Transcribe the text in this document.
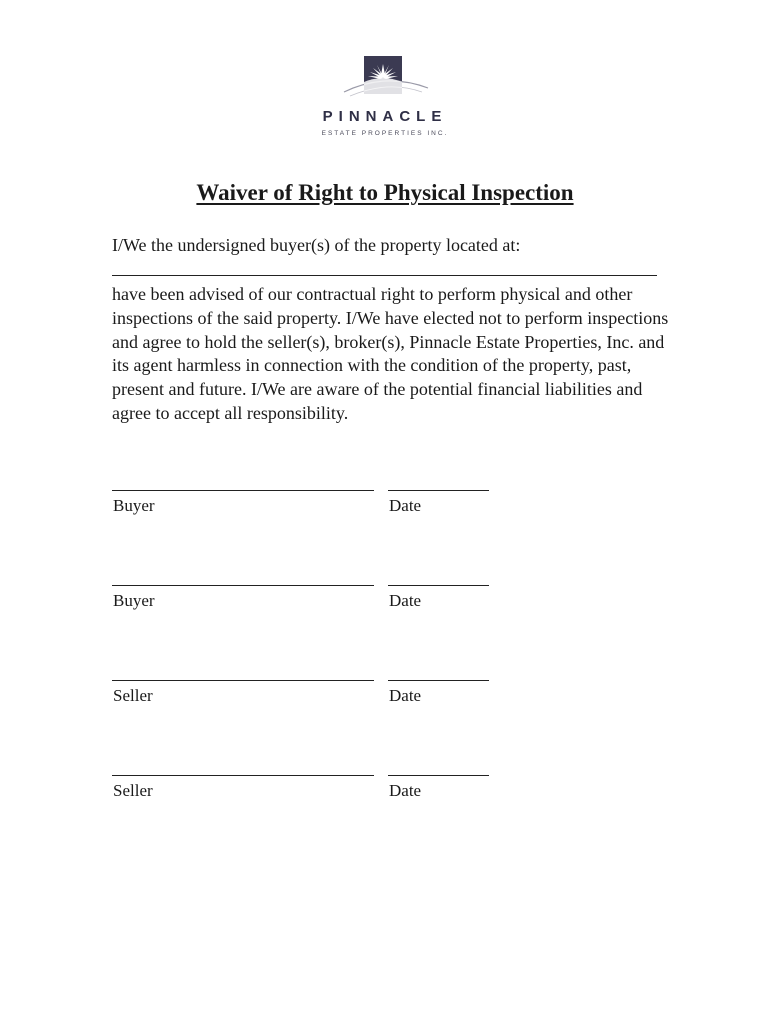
PINNACLE
ESTATE PROPERTIES INC.
Waiver of Right to Physical Inspection
I/We the undersigned buyer(s) of the property located at:
have been advised of our contractual right to perform physical and other inspections of the said property. I/We have elected not to perform inspections and agree to hold the seller(s), broker(s), Pinnacle Estate Properties, Inc. and its agent harmless in connection with the condition of the property, past, present and future. I/We are aware of the potential financial liabilities and agree to accept all responsibility.
Buyer	Date
Buyer	Date
Seller	Date
Seller	Date
